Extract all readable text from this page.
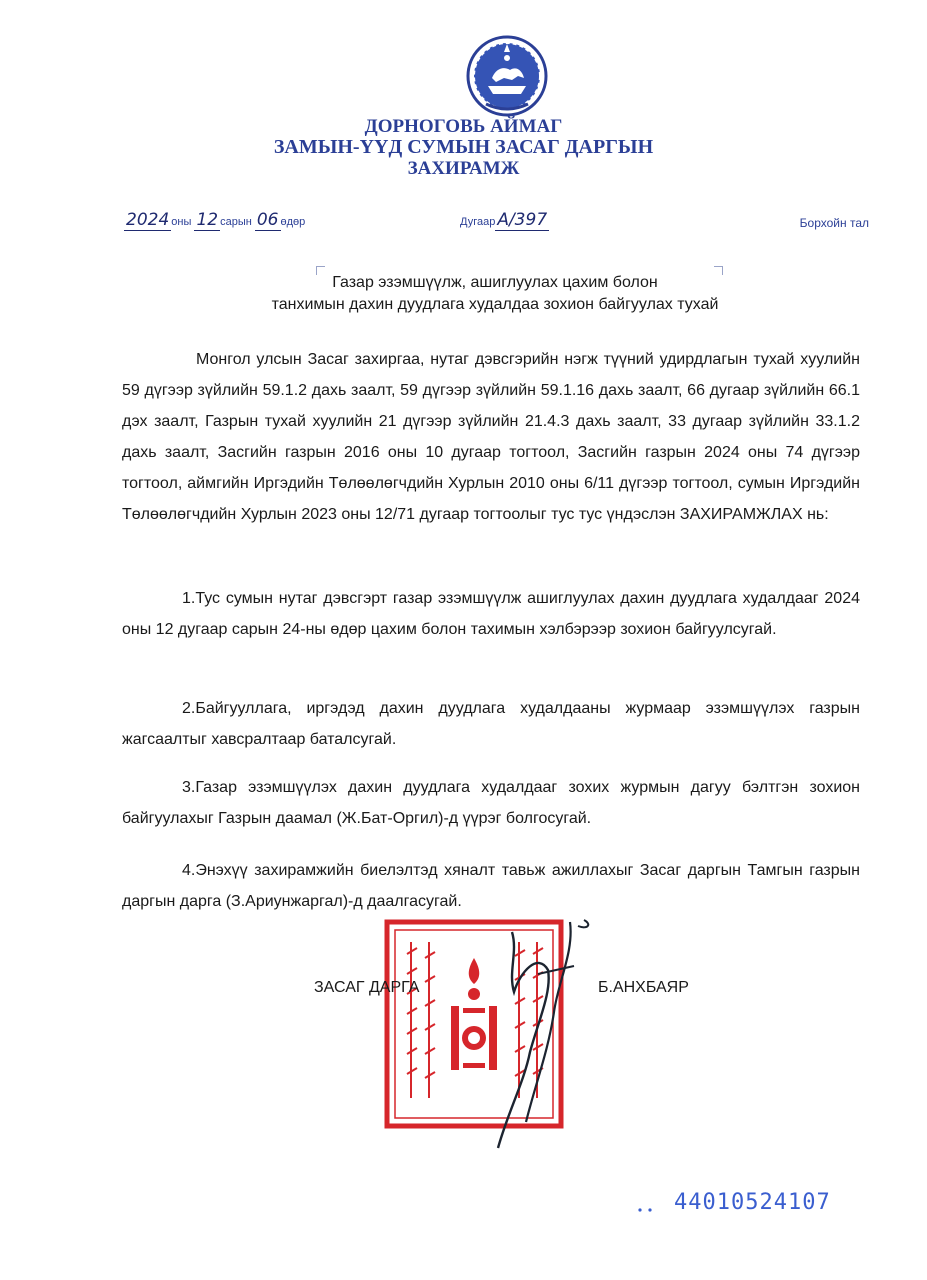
ДОРНОГОВЬ АЙМАГ
ЗАМЫН-ҮҮД СУМЫН ЗАСАГ ДАРГЫН
ЗАХИРАМЖ
2024 оны 12 сарын 06 өдөр	Дугаар А/397	Борхойн тал
Газар эзэмшүүлж, ашиглуулах цахим болон
танхимын дахин дуудлага худалдаа зохион байгуулах тухай
Монгол улсын Засаг захиргаа, нутаг дэвсгэрийн нэгж түүний удирдлагын тухай хуулийн 59 дүгээр зүйлийн 59.1.2 дахь заалт, 59 дүгээр зүйлийн 59.1.16 дахь заалт, 66 дугаар зүйлийн 66.1 дэх заалт, Газрын тухай хуулийн 21 дүгээр зүйлийн 21.4.3 дахь заалт, 33 дугаар зүйлийн 33.1.2 дахь заалт, Засгийн газрын 2016 оны 10 дугаар тогтоол, Засгийн газрын 2024 оны 74 дүгээр тогтоол, аймгийн Иргэдийн Төлөөлөгчдийн Хурлын 2010 оны 6/11 дүгээр тогтоол, сумын Иргэдийн Төлөөлөгчдийн Хурлын 2023 оны 12/71 дугаар тогтоолыг тус тус үндэслэн ЗАХИРАМЖЛАХ нь:
1.Тус сумын нутаг дэвсгэрт газар эзэмшүүлж ашиглуулах дахин дуудлага худалдааг 2024 оны 12 дугаар сарын 24-ны өдөр цахим болон тахимын хэлбэрээр зохион байгуулсугай.
2.Байгууллага, иргэдэд дахин дуудлага худалдааны журмаар эзэмшүүлэх газрын жагсаалтыг хавсралтаар баталсугай.
3.Газар эзэмшүүлэх дахин дуудлага худалдааг зохих журмын дагуу бэлтгэн зохион байгуулахыг Газрын даамал (Ж.Бат-Оргил)-д үүрэг болгосугай.
4.Энэхүү захирамжийн биелэлтэд хяналт тавьж ажиллахыг Засаг даргын Тамгын газрын даргын дарга (З.Ариунжаргал)-д даалгасугай.
ЗАСАГ ДАРГА	Б.АНХБАЯР
44010524107
